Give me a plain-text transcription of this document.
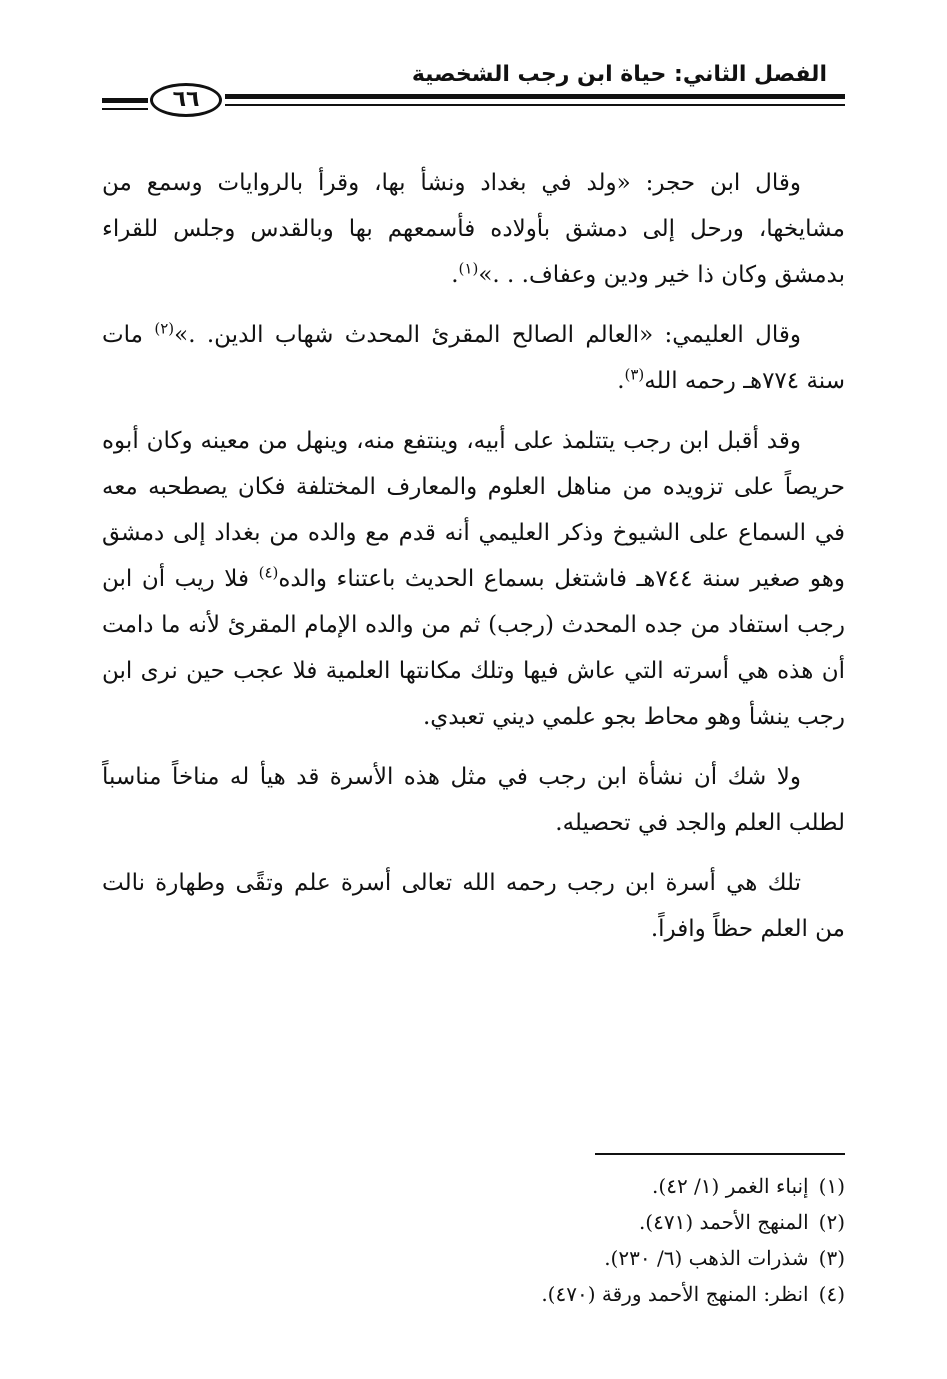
الفصل الثاني: حياة ابن رجب الشخصية
٦٦

وقال ابن حجر: «ولد في بغداد ونشأ بها، وقرأ بالروايات وسمع من مشايخها، ورحل إلى دمشق بأولاده فأسمعهم بها وبالقدس وجلس للقراء بدمشق وكان ذا خير ودين وعفاف. . .»$^{(١)}$.

وقال العليمي: «العالم الصالح المقرئ المحدث شهاب الدين. .»$^{(٢)}$ مات سنة ٧٧٤هـ رحمه الله$^{(٣)}$.

وقد أقبل ابن رجب يتتلمذ على أبيه، وينتفع منه، وينهل من معينه وكان أبوه حريصاً على تزويده من مناهل العلوم والمعارف المختلفة فكان يصطحبه معه في السماع على الشيوخ وذكر العليمي أنه قدم مع والده من بغداد إلى دمشق وهو صغير سنة ٧٤٤هـ فاشتغل بسماع الحديث باعتناء والده$^{(٤)}$ فلا ريب أن ابن رجب استفاد من جده المحدث (رجب) ثم من والده الإمام المقرئ لأنه ما دامت أن هذه هي أسرته التي عاش فيها وتلك مكانتها العلمية فلا عجب حين نرى ابن رجب ينشأ وهو محاط بجو علمي ديني تعبدي.

ولا شك أن نشأة ابن رجب في مثل هذه الأسرة قد هيأ له مناخاً مناسباً لطلب العلم والجد في تحصيله.

تلك هي أسرة ابن رجب رحمه الله تعالى أسرة علم وتقًى وطهارة نالت من العلم حظاً وافراً.

(١)إنباء الغمر (١/ ٤٢).

(٢)المنهج الأحمد (٤٧١).

(٣)شذرات الذهب (٦/ ٢٣٠).

(٤)انظر: المنهج الأحمد ورقة (٤٧٠).
